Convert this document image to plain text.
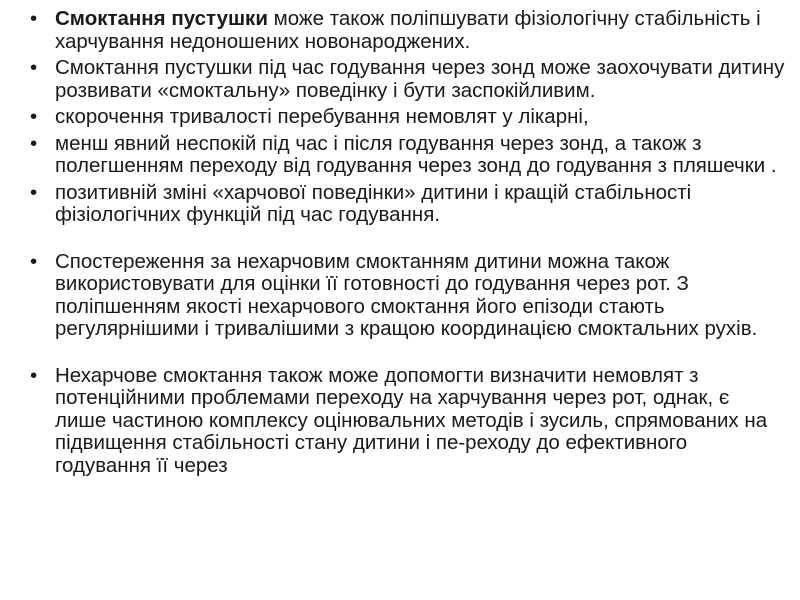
• Смоктання пустушки може також поліпшувати фізіологічну стабільність і харчування недоношених новонароджених.
• Смоктання пустушки під час годування через зонд може заохочувати дитину розвивати «смоктальну» поведінку і бути заспокійливим.
• скорочення тривалості перебування немовлят у лікарні,
• менш явний неспокій під час і після годування через зонд, а також з полегшенням переходу від годування через зонд до годування з пляшечки .
• позитивній зміні «харчової поведінки» дитини і кращій стабільності фізіологічних функцій під час годування.
• Спостереження за нехарчовим смоктанням дитини можна також використовувати для оцінки її готовності до годування через рот. З поліпшенням якості нехарчового смоктання його епізоди стають регулярнішими і тривалішими з кращою координацією смоктальних рухів.
• Нехарчове смоктання також може допомогти визначити немовлят з потенційними проблемами переходу на харчування через рот, однак, є лише частиною комплексу оцінювальних методів і зусиль, спрямованих на підвищення стабільності стану дитини і пе-реходу до ефективного годування її через
